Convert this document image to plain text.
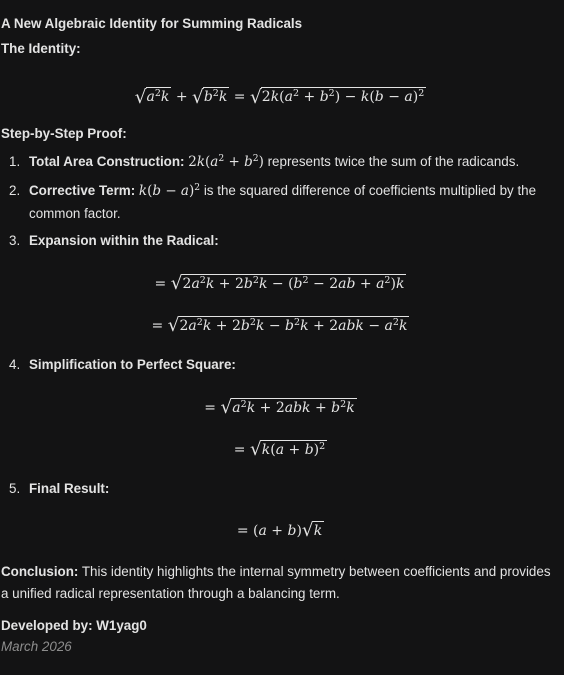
A New Algebraic Identity for Summing Radicals
The Identity:
$√a^2k + √b^2k = √2k(a^2 + b^2) - k(b - a)^2$
Step-by-Step Proof:
1. Total Area Construction: $2k(a^2 + b^2)$ represents twice the sum of the radicands.
2. Corrective Term: $k(b - a)^2$ is the squared difference of coefficients multiplied by the common factor.
3. Expansion within the Radical:
= $√2a^2k + 2b^2k - (b^2 - 2ab + a^2)k$
= $√2a^2k + 2b^2k - b^2k + 2abk - a^2k$
4. Simplification to Perfect Square:
= $√a^2k + 2abk + b^2k$
= $√k(a + b)^2$
5. Final Result:
= (a + b)√k
Conclusion: This identity highlights the internal symmetry between coefficients and provides a unified radical representation through a balancing term.
Developed by: W1yag0
March 2026
